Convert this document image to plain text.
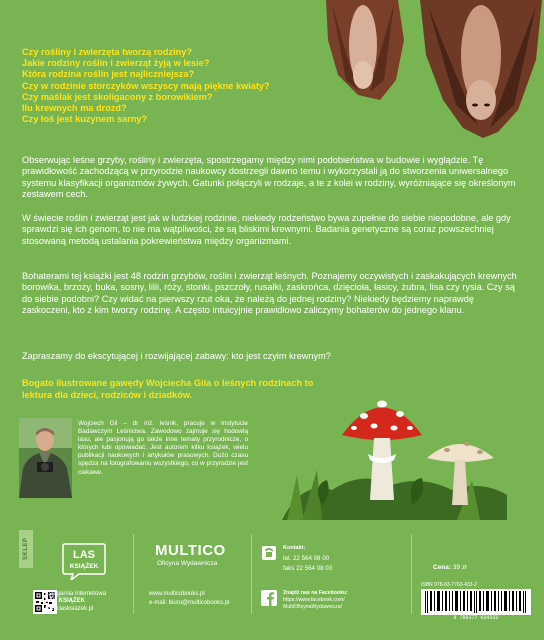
Czy rośliny i zwierzęta tworzą rodziny?
Jakie rodziny roślin i zwierząt żyją w lesie?
Która rodzina roślin jest najliczniejsza?
Czy w rodzinie storczyków wszyscy mają piękne kwiaty?
Czy maślak jest skoligacony z borowikiem?
Ilu krewnych ma drozd?
Czy łoś jest kuzynem sarny?

Obserwując leśne grzyby, rośliny i zwierzęta, spostrzegamy między nimi podobieństwa w budowie i wyglądzie. Tę prawidłowość zachodzącą w przyrodzie naukowcy dostrzegli dawno temu i wykorzystali ją do stworzenia uniwersalnego systemu klasyfikacji organizmów żywych. Gatunki połączyli w rodzaje, a te z kolei w rodziny, wyróżniające się określonym zestawem cech.

W świecie roślin i zwierząt jest jak w ludzkiej rodzinie, niekiedy rodzeństwo bywa zupełnie do siebie niepodobne, ale gdy sprawdzi się ich genom, to nie ma wątpliwości, że są bliskimi krewnymi. Badania genetyczne są coraz powszechniej stosowaną metodą ustalania pokrewieństwa między organizmami.

Bohaterami tej książki jest 48 rodzin grzybów, roślin i zwierząt leśnych. Poznajemy oczywistych i zaskakujących krewnych borowika, brzozy, buka, sosny, lilii, róży, stonki, pszczoły, rusałki, zaskrońca, dzięcioła, łasicy, żubra, lisa czy rysia. Czy są do siebie podobni? Czy widać na pierwszy rzut oka, że należą do jednej rodziny? Niekiedy będziemy naprawdę zaskoczeni, kto z kim tworzy rodzinę. A często intuicyjnie prawidłowo zaliczymy bohaterów do jednego klanu.

Zapraszamy do ekscytującej i rozwijającej zabawy: kto jest czyim krewnym?

Bogato ilustrowane gawędy Wojciecha Gila o leśnych rodzinach to lektura dla dzieci, rodziców i dziadków.

Wojciech Gil – dr inż. leśnik, pracuje w Instytucie Badawczym Leśnictwa. Zawodowo zajmuje się hodowlą lasu, ale pasjonują go także inne tematy przyrodnicze, o których lubi opowiadać. Jest autorem kilku książek, wielu publikacji naukowych i artykułów prasowych. Dużo czasu spędza na fotografowaniu wszystkiego, co w przyrodzie jest ciekawe.

SKLEP	LAS
KSIĄŻEK
Księgarnia internetowa
LAS KSIĄŻEK
www.lasksiazek.pl
MULTICO
Oficyna Wydawnicza
www.multicobooks.pl
e-mail: biuro@multicobooks.pl
Kontakt:
tel. 22 564 08 00
faks 22 564 08 03
Znajdź nas na Facebooku:
https://www.facebook.com/
MultiOficynaWydawnicza/
Cena: 39 zł
ISBN 978-83-7763-433-2
9 788377 634332
